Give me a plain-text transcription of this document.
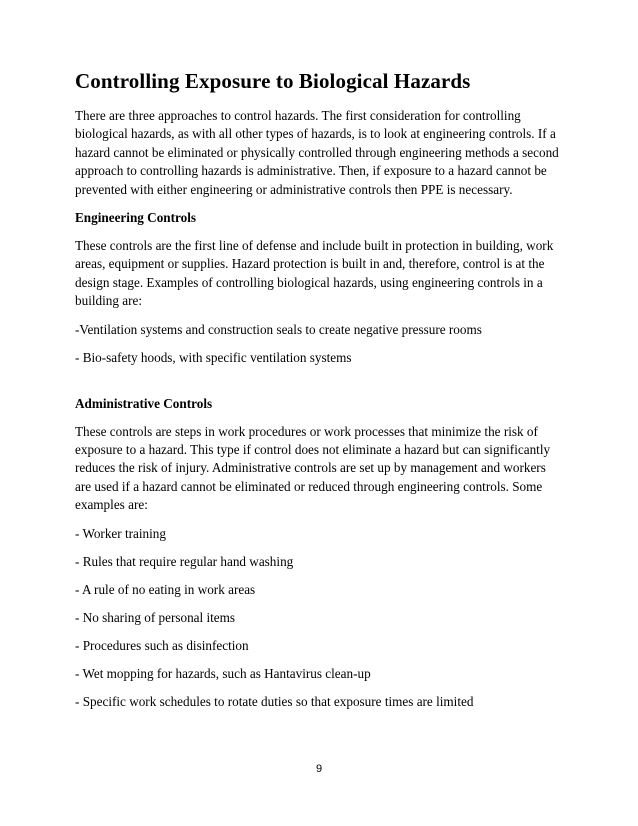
Controlling Exposure to Biological Hazards

There are three approaches to control hazards. The first consideration for controlling biological hazards, as with all other types of hazards, is to look at engineering controls. If a hazard cannot be eliminated or physically controlled through engineering methods a second approach to controlling hazards is administrative. Then, if exposure to a hazard cannot be prevented with either engineering or administrative controls then PPE is necessary.

Engineering Controls

These controls are the first line of defense and include built in protection in building, work areas, equipment or supplies. Hazard protection is built in and, therefore, control is at the design stage. Examples of controlling biological hazards, using engineering controls in a building are:

-Ventilation systems and construction seals to create negative pressure rooms
- Bio-safety hoods, with specific ventilation systems
Administrative Controls

These controls are steps in work procedures or work processes that minimize the risk of exposure to a hazard. This type if control does not eliminate a hazard but can significantly reduces the risk of injury. Administrative controls are set up by management and workers are used if a hazard cannot be eliminated or reduced through engineering controls. Some examples are:

- Worker training
- Rules that require regular hand washing
- A rule of no eating in work areas
- No sharing of personal items
- Procedures such as disinfection
- Wet mopping for hazards, such as Hantavirus clean-up
- Specific work schedules to rotate duties so that exposure times are limited
9
